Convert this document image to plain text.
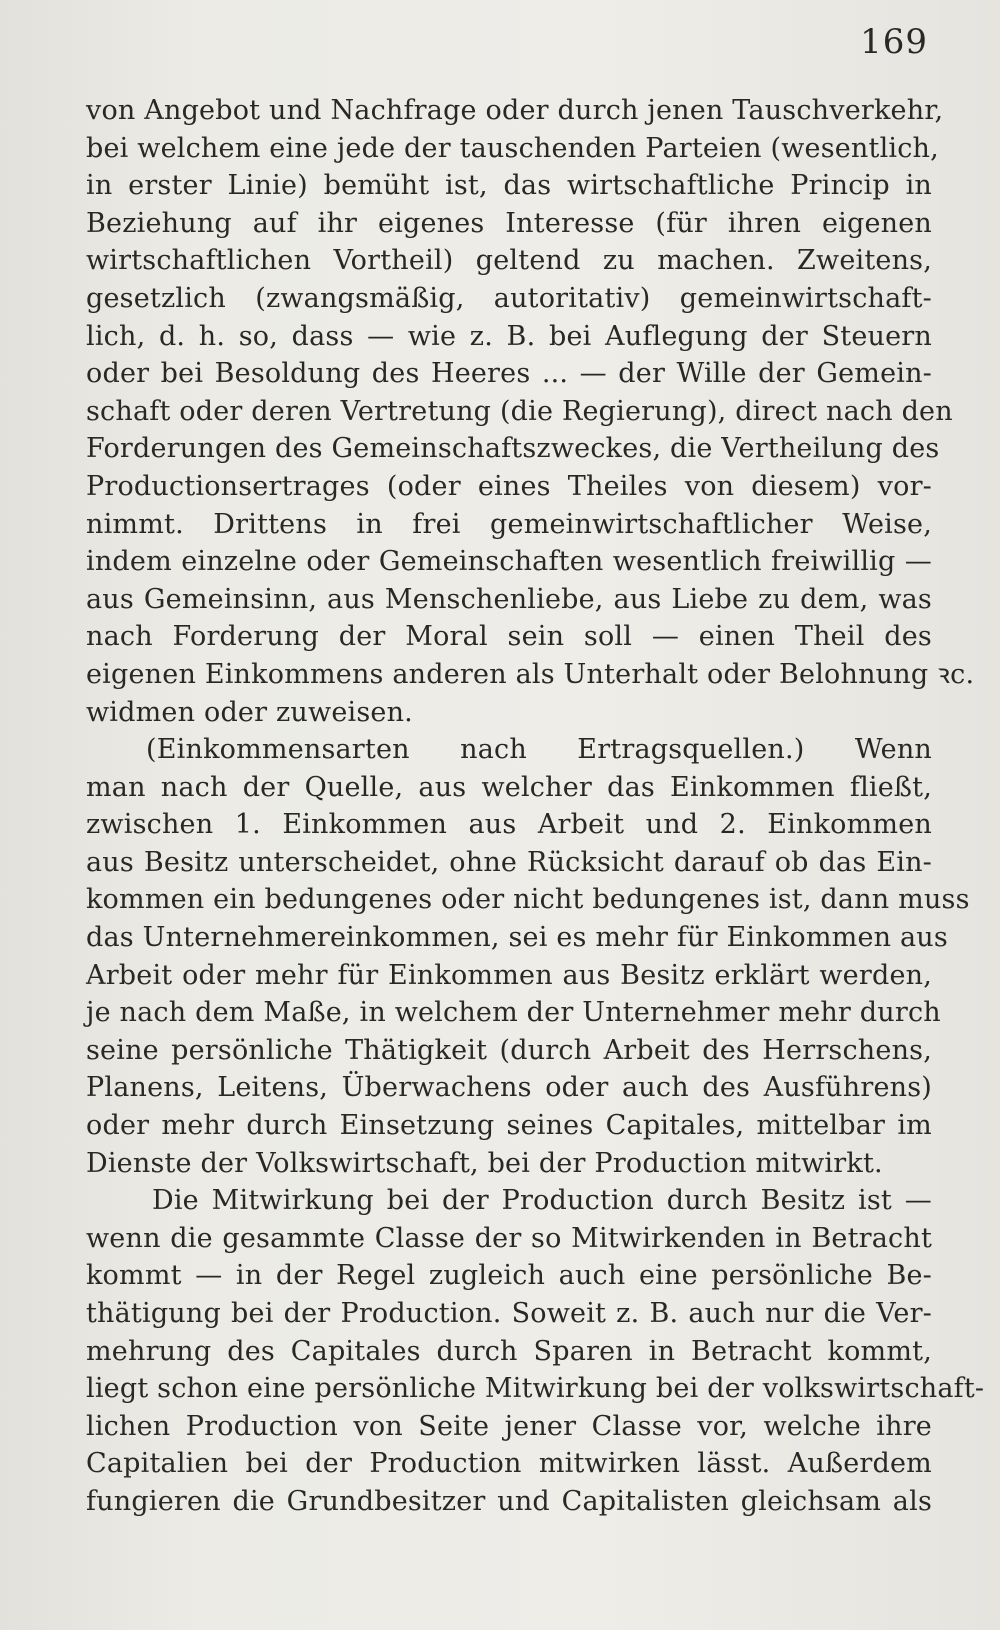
169
von Angebot und Nachfrage oder durch jenen Tauschverkehr,
bei welchem eine jede der tauschenden Parteien (wesentlich,
in erster Linie) bemüht ist, das wirtschaftliche Princip in
Beziehung auf ihr eigenes Interesse (für ihren eigenen
wirtschaftlichen Vortheil) geltend zu machen. Zweitens,
gesetzlich (zwangsmäßig, autoritativ) gemeinwirtschaft-
lich, d. h. so, dass — wie z. B. bei Auflegung der Steuern
oder bei Besoldung des Heeres ... — der Wille der Gemein-
schaft oder deren Vertretung (die Regierung), direct nach den
Forderungen des Gemeinschaftszweckes, die Vertheilung des
Productionsertrages (oder eines Theiles von diesem) vor-
nimmt. Drittens in frei gemeinwirtschaftlicher Weise,
indem einzelne oder Gemeinschaften wesentlich freiwillig —
aus Gemeinsinn, aus Menschenliebe, aus Liebe zu dem, was
nach Forderung der Moral sein soll — einen Theil des
eigenen Einkommens anderen als Unterhalt oder Belohnung ꝛc.
widmen oder zuweisen.
(Einkommensarten nach Ertragsquellen.) Wenn
man nach der Quelle, aus welcher das Einkommen fließt,
zwischen 1. Einkommen aus Arbeit und 2. Einkommen
aus Besitz unterscheidet, ohne Rücksicht darauf ob das Ein-
kommen ein bedungenes oder nicht bedungenes ist, dann muss
das Unternehmereinkommen, sei es mehr für Einkommen aus
Arbeit oder mehr für Einkommen aus Besitz erklärt werden,
je nach dem Maße, in welchem der Unternehmer mehr durch
seine persönliche Thätigkeit (durch Arbeit des Herrschens,
Planens, Leitens, Überwachens oder auch des Ausführens)
oder mehr durch Einsetzung seines Capitales, mittelbar im
Dienste der Volkswirtschaft, bei der Production mitwirkt.
Die Mitwirkung bei der Production durch Besitz ist —
wenn die gesammte Classe der so Mitwirkenden in Betracht
kommt — in der Regel zugleich auch eine persönliche Be-
thätigung bei der Production. Soweit z. B. auch nur die Ver-
mehrung des Capitales durch Sparen in Betracht kommt,
liegt schon eine persönliche Mitwirkung bei der volkswirtschaft-
lichen Production von Seite jener Classe vor, welche ihre
Capitalien bei der Production mitwirken lässt. Außerdem
fungieren die Grundbesitzer und Capitalisten gleichsam als
